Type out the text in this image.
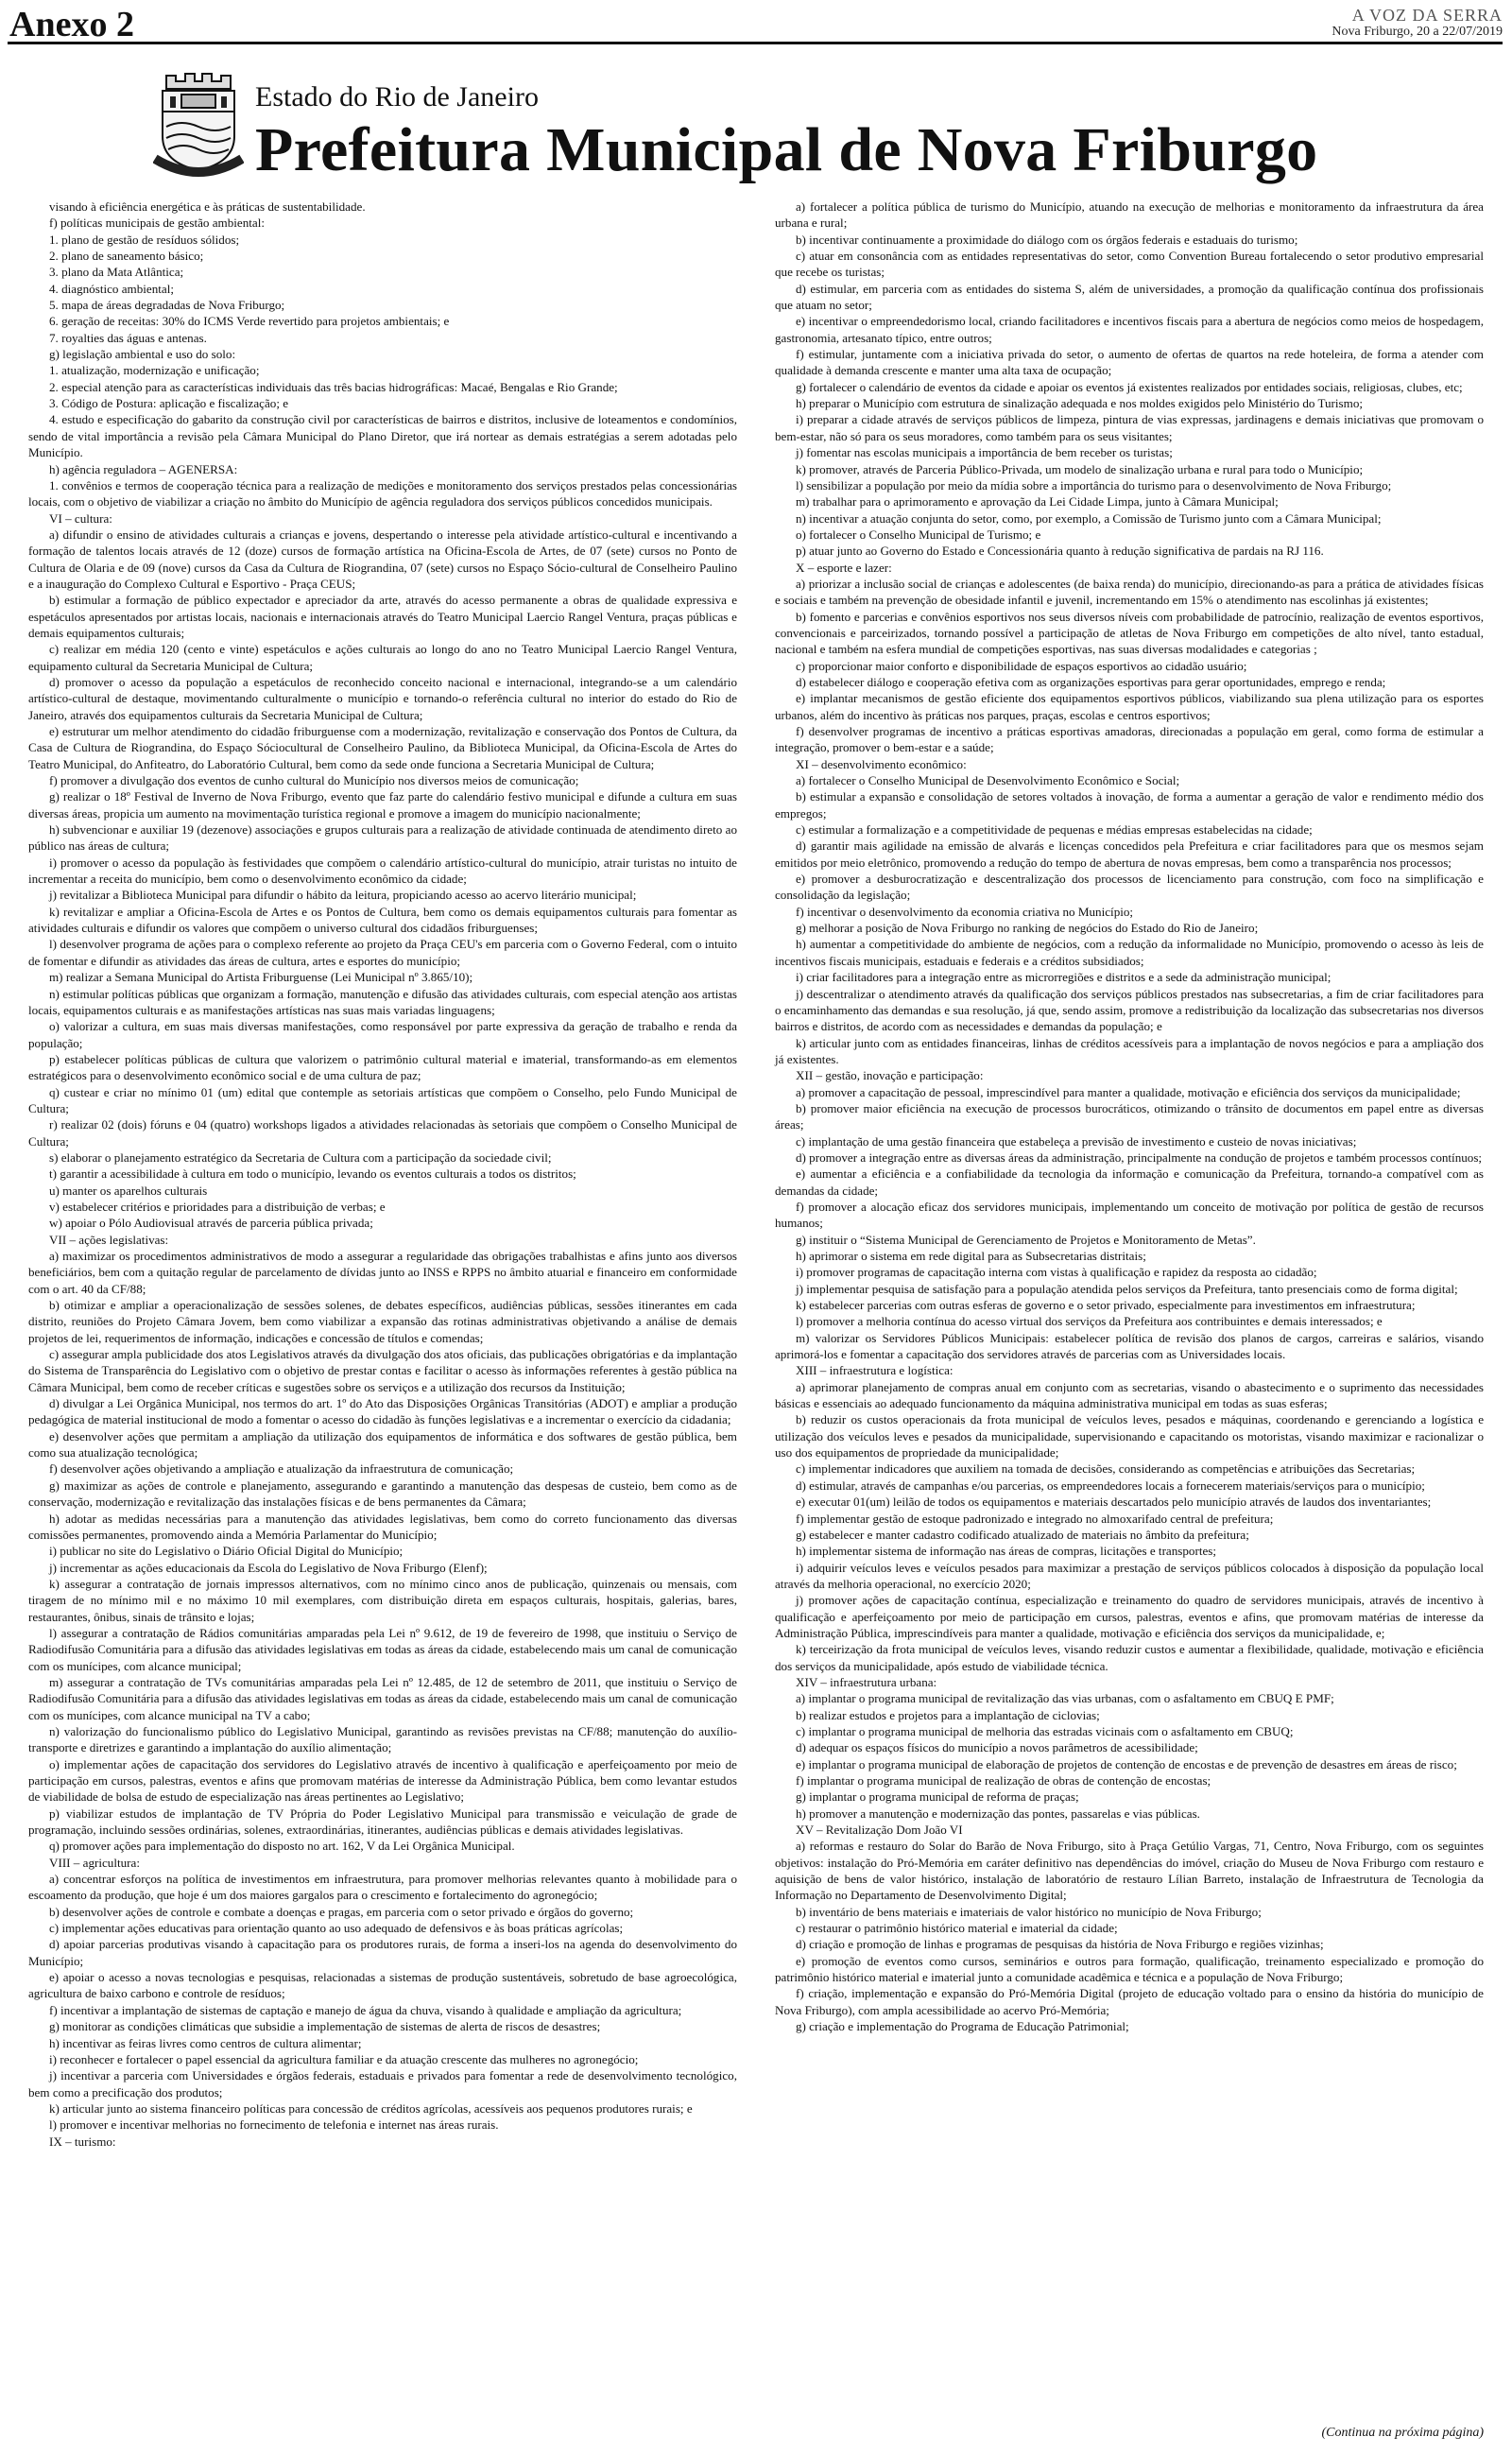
Anexo 2	A VOZ DA SERRA
Nova Friburgo, 20 a 22/07/2019
Estado do Rio de Janeiro
Prefeitura Municipal de Nova Friburgo

visando à eficiência energética e às práticas de sustentabilidade.

f) políticas municipais de gestão ambiental:

1. plano de gestão de resíduos sólidos;

2. plano de saneamento básico;

3. plano da Mata Atlântica;

4. diagnóstico ambiental;

5. mapa de áreas degradadas de Nova Friburgo;

6. geração de receitas: 30% do ICMS Verde revertido para projetos ambientais; e

7. royalties das águas e antenas.

g) legislação ambiental e uso do solo:

1. atualização, modernização e unificação;

2. especial atenção para as características individuais das três bacias hidrográficas: Macaé, Bengalas e Rio Grande;

3. Código de Postura: aplicação e fiscalização; e

4. estudo e especificação do gabarito da construção civil por características de bairros e distritos, inclusive de loteamentos e condomínios, sendo de vital importância a revisão pela Câmara Municipal do Plano Diretor, que irá nortear as demais estratégias a serem adotadas pelo Município.

h) agência reguladora – AGENERSA:

1. convênios e termos de cooperação técnica para a realização de medições e monitoramento dos serviços prestados pelas concessionárias locais, com o objetivo de viabilizar a criação no âmbito do Município de agência reguladora dos serviços públicos concedidos municipais.

VI – cultura:

a) difundir o ensino de atividades culturais a crianças e jovens, despertando o interesse pela atividade artístico-cultural e incentivando a formação de talentos locais através de 12 (doze) cursos de formação artística na Oficina-Escola de Artes, de 07 (sete) cursos no Ponto de Cultura de Olaria e de 09 (nove) cursos da Casa da Cultura de Riograndina, 07 (sete) cursos no Espaço Sócio-cultural de Conselheiro Paulino e a inauguração do Complexo Cultural e Esportivo - Praça CEUS;

b) estimular a formação de público expectador e apreciador da arte, através do acesso permanente a obras de qualidade expressiva e espetáculos apresentados por artistas locais, nacionais e internacionais através do Teatro Municipal Laercio Rangel Ventura, praças públicas e demais equipamentos culturais;

c) realizar em média 120 (cento e vinte) espetáculos e ações culturais ao longo do ano no Teatro Municipal Laercio Rangel Ventura, equipamento cultural da Secretaria Municipal de Cultura;

d) promover o acesso da população a espetáculos de reconhecido conceito nacional e internacional, integrando-se a um calendário artístico-cultural de destaque, movimentando culturalmente o município e tornando-o referência cultural no interior do estado do Rio de Janeiro, através dos equipamentos culturais da Secretaria Municipal de Cultura;

e) estruturar um melhor atendimento do cidadão friburguense com a modernização, revitalização e conservação dos Pontos de Cultura, da Casa de Cultura de Riograndina, do Espaço Sóciocultural de Conselheiro Paulino, da Biblioteca Municipal, da Oficina-Escola de Artes do Teatro Municipal, do Anfiteatro, do Laboratório Cultural, bem como da sede onde funciona a Secretaria Municipal de Cultura;

f) promover a divulgação dos eventos de cunho cultural do Município nos diversos meios de comunicação;

g) realizar o 18º Festival de Inverno de Nova Friburgo, evento que faz parte do calendário festivo municipal e difunde a cultura em suas diversas áreas, propicia um aumento na movimentação turística regional e promove a imagem do município nacionalmente;

h) subvencionar e auxiliar 19 (dezenove) associações e grupos culturais para a realização de atividade continuada de atendimento direto ao público nas áreas de cultura;

i) promover o acesso da população às festividades que compõem o calendário artístico-cultural do município, atrair turistas no intuito de incrementar a receita do município, bem como o desenvolvimento econômico da cidade;

j) revitalizar a Biblioteca Municipal para difundir o hábito da leitura, propiciando acesso ao acervo literário municipal;

k) revitalizar e ampliar a Oficina-Escola de Artes e os Pontos de Cultura, bem como os demais equipamentos culturais para fomentar as atividades culturais e difundir os valores que compõem o universo cultural dos cidadãos friburguenses;

l) desenvolver programa de ações para o complexo referente ao projeto da Praça CEU's em parceria com o Governo Federal, com o intuito de fomentar e difundir as atividades das áreas de cultura, artes e esportes do município;

m) realizar a Semana Municipal do Artista Friburguense (Lei Municipal nº 3.865/10);

n) estimular políticas públicas que organizam a formação, manutenção e difusão das atividades culturais, com especial atenção aos artistas locais, equipamentos culturais e as manifestações artísticas nas suas mais variadas linguagens;

o) valorizar a cultura, em suas mais diversas manifestações, como responsável por parte expressiva da geração de trabalho e renda da população;

p) estabelecer políticas públicas de cultura que valorizem o patrimônio cultural material e imaterial, transformando-as em elementos estratégicos para o desenvolvimento econômico social e de uma cultura de paz;

q) custear e criar no mínimo 01 (um) edital que contemple as setoriais artísticas que compõem o Conselho, pelo Fundo Municipal de Cultura;

r) realizar 02 (dois) fóruns e 04 (quatro) workshops ligados a atividades relacionadas às setoriais que compõem o Conselho Municipal de Cultura;

s) elaborar o planejamento estratégico da Secretaria de Cultura com a participação da sociedade civil;

t) garantir a acessibilidade à cultura em todo o município, levando os eventos culturais a todos os distritos;

u) manter os aparelhos culturais

v) estabelecer critérios e prioridades para a distribuição de verbas; e

w) apoiar o Pólo Audiovisual através de parceria pública privada;

VII – ações legislativas:

a) maximizar os procedimentos administrativos de modo a assegurar a regularidade das obrigações trabalhistas e afins junto aos diversos beneficiários, bem com a quitação regular de parcelamento de dívidas junto ao INSS e RPPS no âmbito atuarial e financeiro em conformidade com o art. 40 da CF/88;

b) otimizar e ampliar a operacionalização de sessões solenes, de debates específicos, audiências públicas, sessões itinerantes em cada distrito, reuniões do Projeto Câmara Jovem, bem como viabilizar a expansão das rotinas administrativas objetivando a análise de demais projetos de lei, requerimentos de informação, indicações e concessão de títulos e comendas;

c) assegurar ampla publicidade dos atos Legislativos através da divulgação dos atos oficiais, das publicações obrigatórias e da implantação do Sistema de Transparência do Legislativo com o objetivo de prestar contas e facilitar o acesso às informações referentes à gestão pública na Câmara Municipal, bem como de receber críticas e sugestões sobre os serviços e a utilização dos recursos da Instituição;

d) divulgar a Lei Orgânica Municipal, nos termos do art. 1º do Ato das Disposições Orgânicas Transitórias (ADOT) e ampliar a produção pedagógica de material institucional de modo a fomentar o acesso do cidadão às funções legislativas e a incrementar o exercício da cidadania;

e) desenvolver ações que permitam a ampliação da utilização dos equipamentos de informática e dos softwares de gestão pública, bem como sua atualização tecnológica;

f) desenvolver ações objetivando a ampliação e atualização da infraestrutura de comunicação;

g) maximizar as ações de controle e planejamento, assegurando e garantindo a manutenção das despesas de custeio, bem como as de conservação, modernização e revitalização das instalações físicas e de bens permanentes da Câmara;

h) adotar as medidas necessárias para a manutenção das atividades legislativas, bem como do correto funcionamento das diversas comissões permanentes, promovendo ainda a Memória Parlamentar do Município;

i) publicar no site do Legislativo o Diário Oficial Digital do Município;

j) incrementar as ações educacionais da Escola do Legislativo de Nova Friburgo (Elenf);

k) assegurar a contratação de jornais impressos alternativos, com no mínimo cinco anos de publicação, quinzenais ou mensais, com tiragem de no mínimo mil e no máximo 10 mil exemplares, com distribuição direta em espaços culturais, hospitais, galerias, bares, restaurantes, ônibus, sinais de trânsito e lojas;

l) assegurar a contratação de Rádios comunitárias amparadas pela Lei nº 9.612, de 19 de fevereiro de 1998, que instituiu o Serviço de Radiodifusão Comunitária para a difusão das atividades legislativas em todas as áreas da cidade, estabelecendo mais um canal de comunicação com os munícipes, com alcance municipal;

m) assegurar a contratação de TVs comunitárias amparadas pela Lei nº 12.485, de 12 de setembro de 2011, que instituiu o Serviço de Radiodifusão Comunitária para a difusão das atividades legislativas em todas as áreas da cidade, estabelecendo mais um canal de comunicação com os munícipes, com alcance municipal na TV a cabo;

n) valorização do funcionalismo público do Legislativo Municipal, garantindo as revisões previstas na CF/88; manutenção do auxílio-transporte e diretrizes e garantindo a implantação do auxílio alimentação;

o) implementar ações de capacitação dos servidores do Legislativo através de incentivo à qualificação e aperfeiçoamento por meio de participação em cursos, palestras, eventos e afins que promovam matérias de interesse da Administração Pública, bem como levantar estudos de viabilidade de bolsa de estudo de especialização nas áreas pertinentes ao Legislativo;

p) viabilizar estudos de implantação de TV Própria do Poder Legislativo Municipal para transmissão e veiculação de grade de programação, incluindo sessões ordinárias, solenes, extraordinárias, itinerantes, audiências públicas e demais atividades legislativas.

q) promover ações para implementação do disposto no art. 162, V da Lei Orgânica Municipal.

VIII – agricultura:

a) concentrar esforços na política de investimentos em infraestrutura, para promover melhorias relevantes quanto à mobilidade para o escoamento da produção, que hoje é um dos maiores gargalos para o crescimento e fortalecimento do agronegócio;

b) desenvolver ações de controle e combate a doenças e pragas, em parceria com o setor privado e órgãos do governo;

c) implementar ações educativas para orientação quanto ao uso adequado de defensivos e às boas práticas agrícolas;

d) apoiar parcerias produtivas visando à capacitação para os produtores rurais, de forma a inseri-los na agenda do desenvolvimento do Município;

e) apoiar o acesso a novas tecnologias e pesquisas, relacionadas a sistemas de produção sustentáveis, sobretudo de base agroecológica, agricultura de baixo carbono e controle de resíduos;

f) incentivar a implantação de sistemas de captação e manejo de água da chuva, visando à qualidade e ampliação da agricultura;

g) monitorar as condições climáticas que subsidie a implementação de sistemas de alerta de riscos de desastres;

h) incentivar as feiras livres como centros de cultura alimentar;

i) reconhecer e fortalecer o papel essencial da agricultura familiar e da atuação crescente das mulheres no agronegócio;

j) incentivar a parceria com Universidades e órgãos federais, estaduais e privados para fomentar a rede de desenvolvimento tecnológico, bem como a precificação dos produtos;

k) articular junto ao sistema financeiro políticas para concessão de créditos agrícolas, acessíveis aos pequenos produtores rurais; e

l) promover e incentivar melhorias no fornecimento de telefonia e internet nas áreas rurais.

IX – turismo:

a) fortalecer a política pública de turismo do Município, atuando na execução de melhorias e monitoramento da infraestrutura da área urbana e rural;

b) incentivar continuamente a proximidade do diálogo com os órgãos federais e estaduais do turismo;

c) atuar em consonância com as entidades representativas do setor, como Convention Bureau fortalecendo o setor produtivo empresarial que recebe os turistas;

d) estimular, em parceria com as entidades do sistema S, além de universidades, a promoção da qualificação contínua dos profissionais que atuam no setor;

e) incentivar o empreendedorismo local, criando facilitadores e incentivos fiscais para a abertura de negócios como meios de hospedagem, gastronomia, artesanato típico, entre outros;

f) estimular, juntamente com a iniciativa privada do setor, o aumento de ofertas de quartos na rede hoteleira, de forma a atender com qualidade à demanda crescente e manter uma alta taxa de ocupação;

g) fortalecer o calendário de eventos da cidade e apoiar os eventos já existentes realizados por entidades sociais, religiosas, clubes, etc;

h) preparar o Município com estrutura de sinalização adequada e nos moldes exigidos pelo Ministério do Turismo;

i) preparar a cidade através de serviços públicos de limpeza, pintura de vias expressas, jardinagens e demais iniciativas que promovam o bem-estar, não só para os seus moradores, como também para os seus visitantes;

j) fomentar nas escolas municipais a importância de bem receber os turistas;

k) promover, através de Parceria Público-Privada, um modelo de sinalização urbana e rural para todo o Município;

l) sensibilizar a população por meio da mídia sobre a importância do turismo para o desenvolvimento de Nova Friburgo;

m) trabalhar para o aprimoramento e aprovação da Lei Cidade Limpa, junto à Câmara Municipal;

n) incentivar a atuação conjunta do setor, como, por exemplo, a Comissão de Turismo junto com a Câmara Municipal;

o) fortalecer o Conselho Municipal de Turismo; e

p) atuar junto ao Governo do Estado e Concessionária quanto à redução significativa de pardais na RJ 116.

X – esporte e lazer:

a) priorizar a inclusão social de crianças e adolescentes (de baixa renda) do município, direcionando-as para a prática de atividades físicas e sociais e também na prevenção de obesidade infantil e juvenil, incrementando em 15% o atendimento nas escolinhas já existentes;

b) fomento e parcerias e convênios esportivos nos seus diversos níveis com probabilidade de patrocínio, realização de eventos esportivos, convencionais e parceirizados, tornando possível a participação de atletas de Nova Friburgo em competições de alto nível, tanto estadual, nacional e também na esfera mundial de competições esportivas, nas suas diversas modalidades e categorias ;

c) proporcionar maior conforto e disponibilidade de espaços esportivos ao cidadão usuário;

d) estabelecer diálogo e cooperação efetiva com as organizações esportivas para gerar oportunidades, emprego e renda;

e) implantar mecanismos de gestão eficiente dos equipamentos esportivos públicos, viabilizando sua plena utilização para os esportes urbanos, além do incentivo às práticas nos parques, praças, escolas e centros esportivos;

f) desenvolver programas de incentivo a práticas esportivas amadoras, direcionadas a população em geral, como forma de estimular a integração, promover o bem-estar e a saúde;

XI – desenvolvimento econômico:

a) fortalecer o Conselho Municipal de Desenvolvimento Econômico e Social;

b) estimular a expansão e consolidação de setores voltados à inovação, de forma a aumentar a geração de valor e rendimento médio dos empregos;

c) estimular a formalização e a competitividade de pequenas e médias empresas estabelecidas na cidade;

d) garantir mais agilidade na emissão de alvarás e licenças concedidos pela Prefeitura e criar facilitadores para que os mesmos sejam emitidos por meio eletrônico, promovendo a redução do tempo de abertura de novas empresas, bem como a transparência nos processos;

e) promover a desburocratização e descentralização dos processos de licenciamento para construção, com foco na simplificação e consolidação da legislação;

f) incentivar o desenvolvimento da economia criativa no Município;

g) melhorar a posição de Nova Friburgo no ranking de negócios do Estado do Rio de Janeiro;

h) aumentar a competitividade do ambiente de negócios, com a redução da informalidade no Município, promovendo o acesso às leis de incentivos fiscais municipais, estaduais e federais e a créditos subsidiados;

i) criar facilitadores para a integração entre as microrregiões e distritos e a sede da administração municipal;

j) descentralizar o atendimento através da qualificação dos serviços públicos prestados nas subsecretarias, a fim de criar facilitadores para o encaminhamento das demandas e sua resolução, já que, sendo assim, promove a redistribuição da localização das subsecretarias nos diversos bairros e distritos, de acordo com as necessidades e demandas da população; e

k) articular junto com as entidades financeiras, linhas de créditos acessíveis para a implantação de novos negócios e para a ampliação dos já existentes.

XII – gestão, inovação e participação:

a) promover a capacitação de pessoal, imprescindível para manter a qualidade, motivação e eficiência dos serviços da municipalidade;

b) promover maior eficiência na execução de processos burocráticos, otimizando o trânsito de documentos em papel entre as diversas áreas;

c) implantação de uma gestão financeira que estabeleça a previsão de investimento e custeio de novas iniciativas;

d) promover a integração entre as diversas áreas da administração, principalmente na condução de projetos e também processos contínuos;

e) aumentar a eficiência e a confiabilidade da tecnologia da informação e comunicação da Prefeitura, tornando-a compatível com as demandas da cidade;

f) promover a alocação eficaz dos servidores municipais, implementando um conceito de motivação por política de gestão de recursos humanos;

g) instituir o “Sistema Municipal de Gerenciamento de Projetos e Monitoramento de Metas”.

h) aprimorar o sistema em rede digital para as Subsecretarias distritais;

i) promover programas de capacitação interna com vistas à qualificação e rapidez da resposta ao cidadão;

j) implementar pesquisa de satisfação para a população atendida pelos serviços da Prefeitura, tanto presenciais como de forma digital;

k) estabelecer parcerias com outras esferas de governo e o setor privado, especialmente para investimentos em infraestrutura;

l) promover a melhoria contínua do acesso virtual dos serviços da Prefeitura aos contribuintes e demais interessados; e

m) valorizar os Servidores Públicos Municipais: estabelecer política de revisão dos planos de cargos, carreiras e salários, visando aprimorá-los e fomentar a capacitação dos servidores através de parcerias com as Universidades locais.

XIII – infraestrutura e logística:

a) aprimorar planejamento de compras anual em conjunto com as secretarias, visando o abastecimento e o suprimento das necessidades básicas e essenciais ao adequado funcionamento da máquina administrativa municipal em todas as suas esferas;

b) reduzir os custos operacionais da frota municipal de veículos leves, pesados e máquinas, coordenando e gerenciando a logística e utilização dos veículos leves e pesados da municipalidade, supervisionando e capacitando os motoristas, visando maximizar e racionalizar o uso dos equipamentos de propriedade da municipalidade;

c) implementar indicadores que auxiliem na tomada de decisões, considerando as competências e atribuições das Secretarias;

d) estimular, através de campanhas e/ou parcerias, os empreendedores locais a fornecerem materiais/serviços para o município;

e) executar 01(um) leilão de todos os equipamentos e materiais descartados pelo município através de laudos dos inventariantes;

f) implementar gestão de estoque padronizado e integrado no almoxarifado central de prefeitura;

g) estabelecer e manter cadastro codificado atualizado de materiais no âmbito da prefeitura;

h) implementar sistema de informação nas áreas de compras, licitações e transportes;

i) adquirir veículos leves e veículos pesados para maximizar a prestação de serviços públicos colocados à disposição da população local através da melhoria operacional, no exercício 2020;

j) promover ações de capacitação contínua, especialização e treinamento do quadro de servidores municipais, através de incentivo à qualificação e aperfeiçoamento por meio de participação em cursos, palestras, eventos e afins, que promovam matérias de interesse da Administração Pública, imprescindíveis para manter a qualidade, motivação e eficiência dos serviços da municipalidade, e;

k) terceirização da frota municipal de veículos leves, visando reduzir custos e aumentar a flexibilidade, qualidade, motivação e eficiência dos serviços da municipalidade, após estudo de viabilidade técnica.

XIV – infraestrutura urbana:

a) implantar o programa municipal de revitalização das vias urbanas, com o asfaltamento em CBUQ E PMF;

b) realizar estudos e projetos para a implantação de ciclovias;

c) implantar o programa municipal de melhoria das estradas vicinais com o asfaltamento em CBUQ;

d) adequar os espaços físicos do município a novos parâmetros de acessibilidade;

e) implantar o programa municipal de elaboração de projetos de contenção de encostas e de prevenção de desastres em áreas de risco;

f) implantar o programa municipal de realização de obras de contenção de encostas;

g) implantar o programa municipal de reforma de praças;

h) promover a manutenção e modernização das pontes, passarelas e vias públicas.

XV – Revitalização Dom João VI

a) reformas e restauro do Solar do Barão de Nova Friburgo, sito à Praça Getúlio Vargas, 71, Centro, Nova Friburgo, com os seguintes objetivos: instalação do Pró-Memória em caráter definitivo nas dependências do imóvel, criação do Museu de Nova Friburgo com restauro e aquisição de bens de valor histórico, instalação de laboratório de restauro Lílian Barreto, instalação de Infraestrutura de Tecnologia da Informação no Departamento de Desenvolvimento Digital;

b) inventário de bens materiais e imateriais de valor histórico no município de Nova Friburgo;

c) restaurar o patrimônio histórico material e imaterial da cidade;

d) criação e promoção de linhas e programas de pesquisas da história de Nova Friburgo e regiões vizinhas;

e) promoção de eventos como cursos, seminários e outros para formação, qualificação, treinamento especializado e promoção do patrimônio histórico material e imaterial junto a comunidade acadêmica e técnica e a população de Nova Friburgo;

f) criação, implementação e expansão do Pró-Memória Digital (projeto de educação voltado para o ensino da história do município de Nova Friburgo), com ampla acessibilidade ao acervo Pró-Memória;

g) criação e implementação do Programa de Educação Patrimonial;

(Continua na próxima página)
